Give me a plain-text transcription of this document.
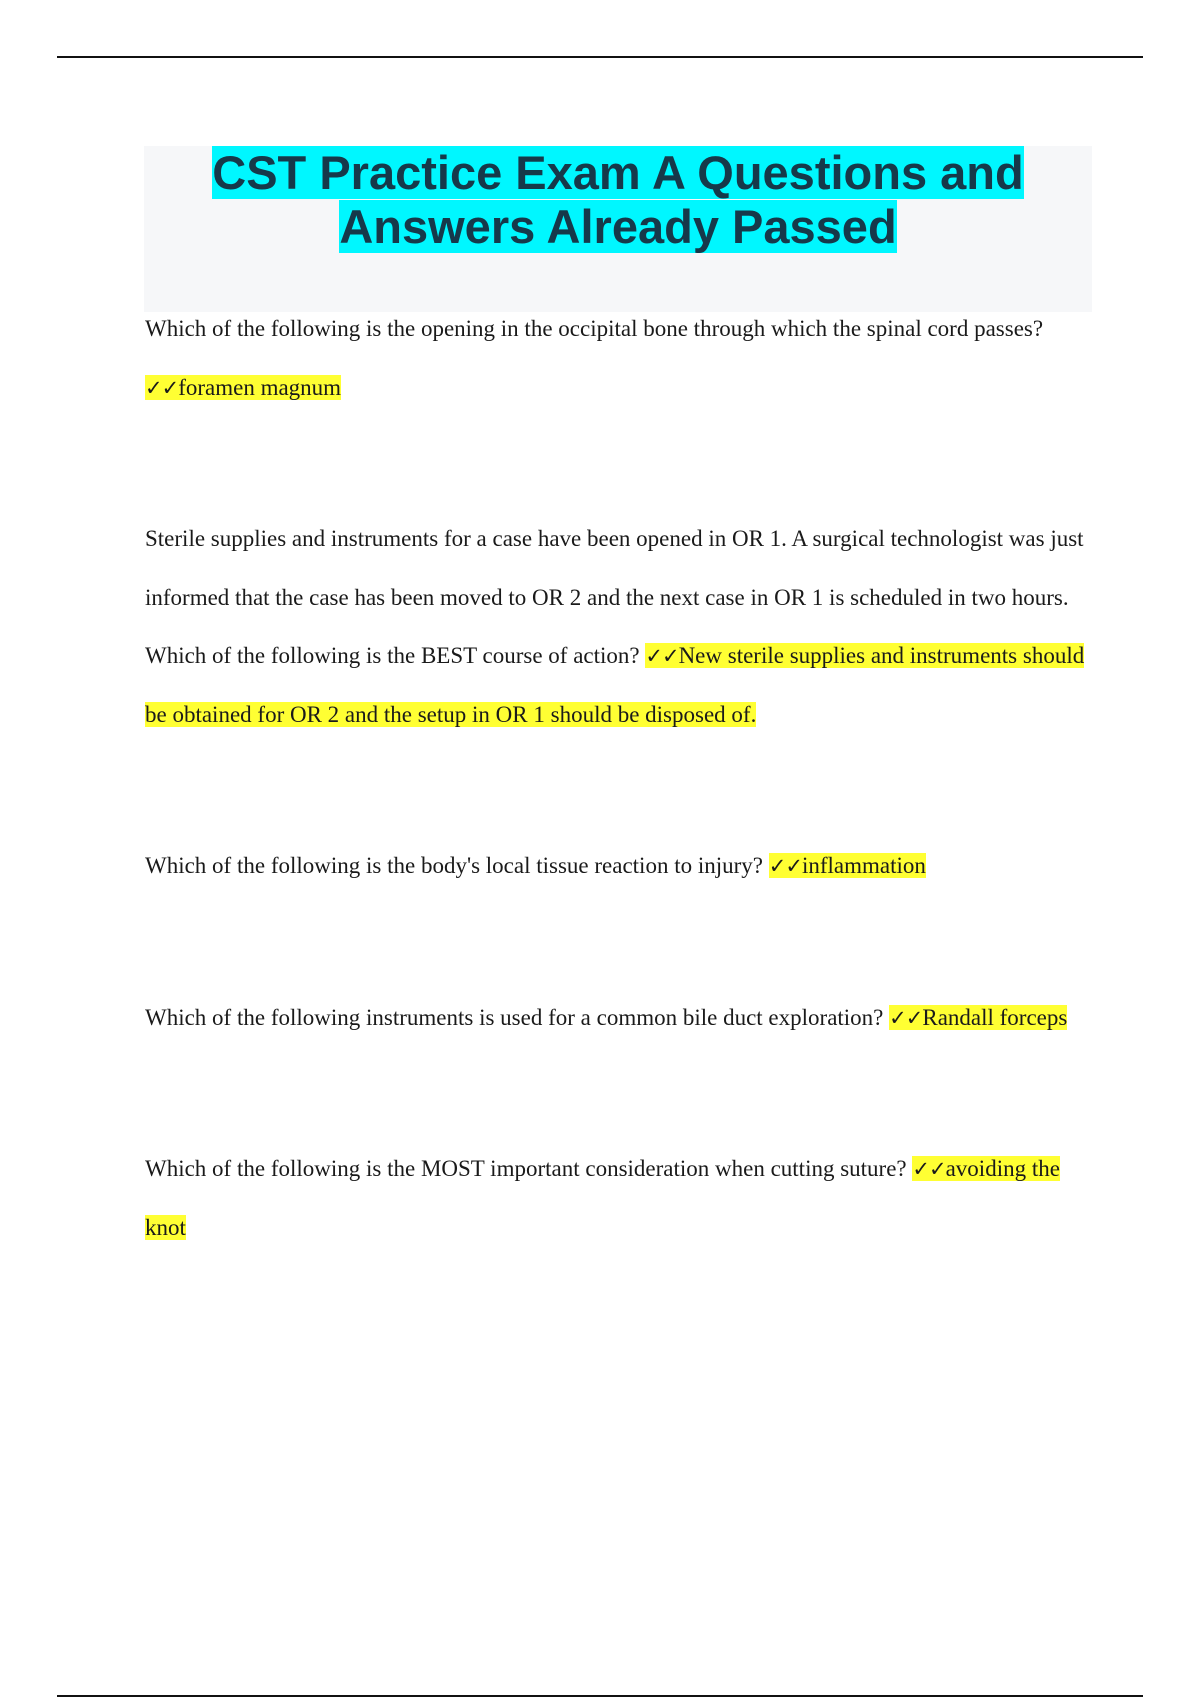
CST Practice Exam A Questions and
Answers Already Passed

Which of the following is the opening in the occipital bone through which the spinal cord passes? ✓✓foramen magnum

Sterile supplies and instruments for a case have been opened in OR 1. A surgical technologist was just informed that the case has been moved to OR 2 and the next case in OR 1 is scheduled in two hours. Which of the following is the BEST course of action? ✓✓New sterile supplies and instruments should be obtained for OR 2 and the setup in OR 1 should be disposed of.

Which of the following is the body's local tissue reaction to injury? ✓✓inflammation

Which of the following instruments is used for a common bile duct exploration? ✓✓Randall forceps

Which of the following is the MOST important consideration when cutting suture? ✓✓avoiding the knot
